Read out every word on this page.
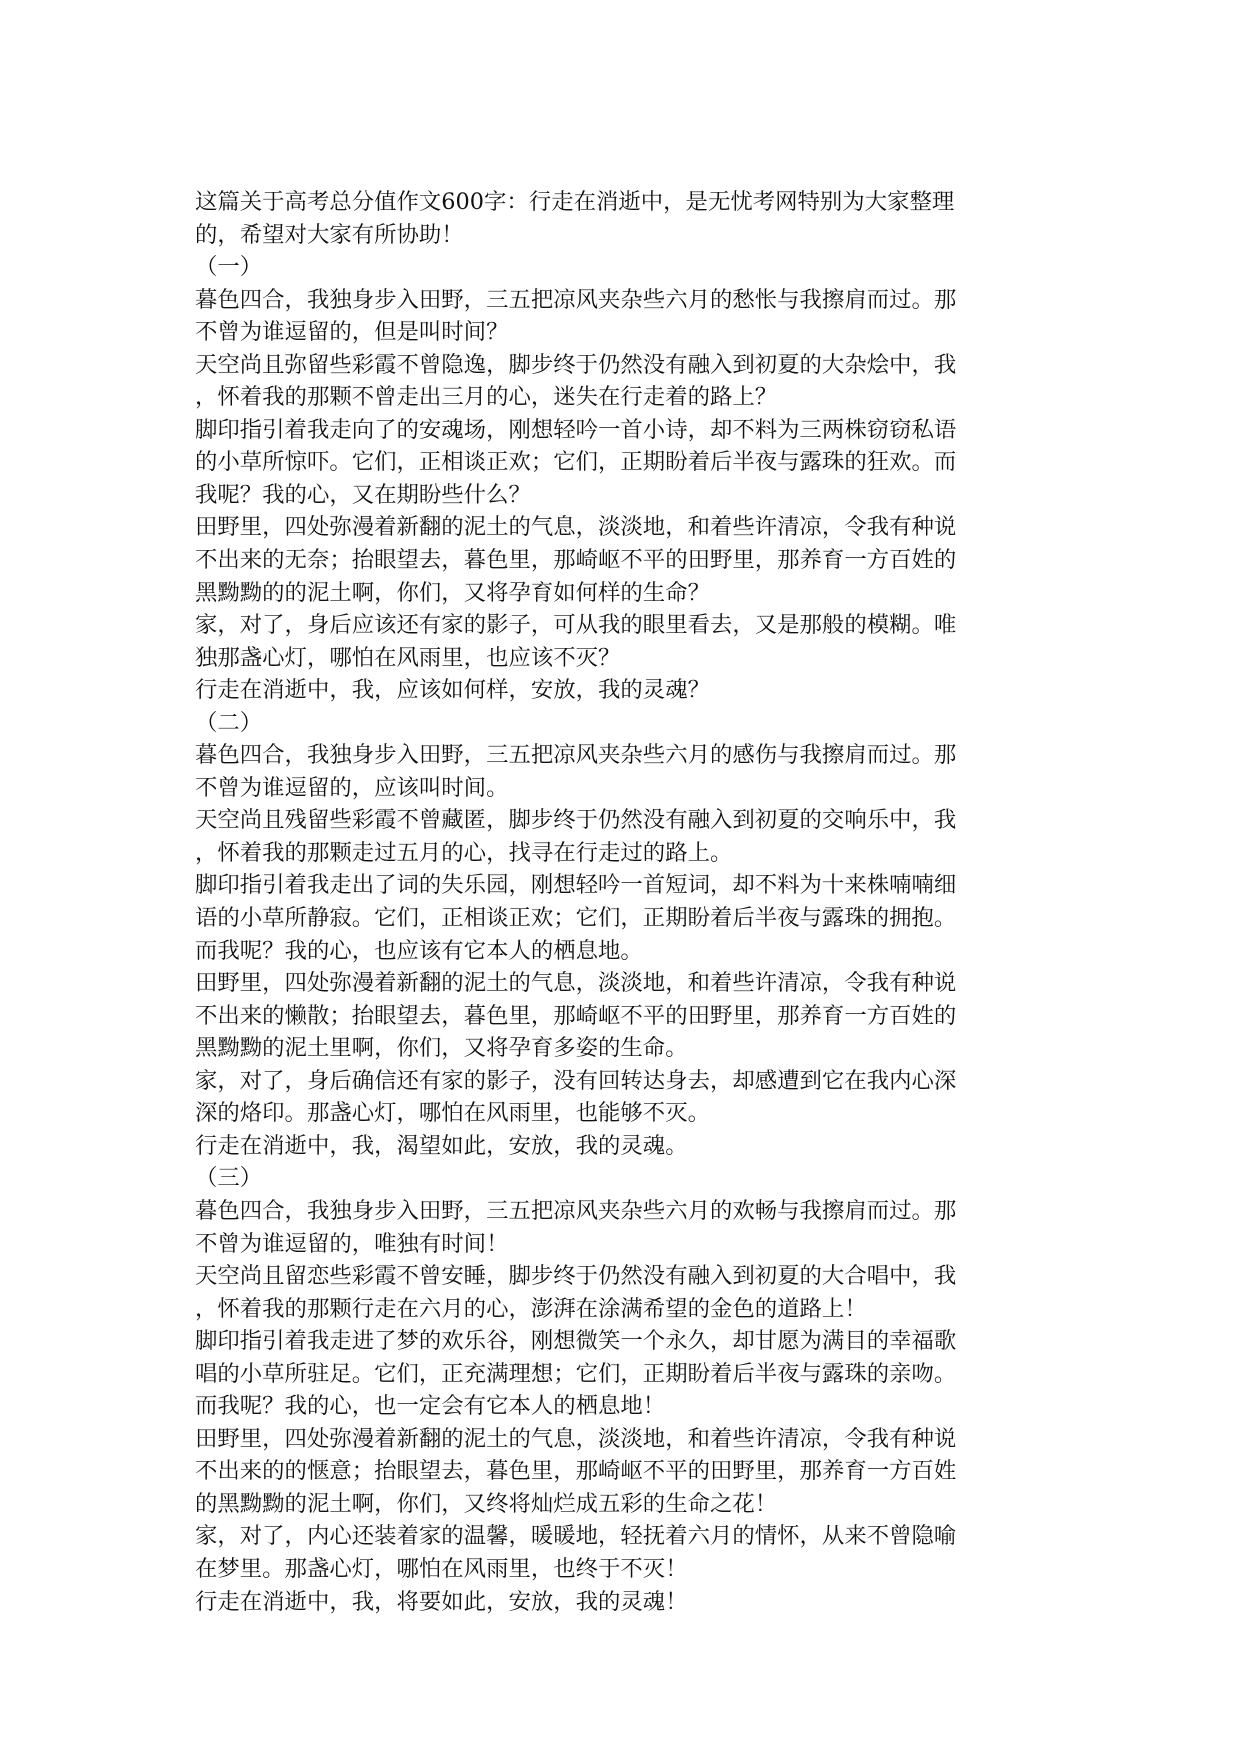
这篇关于高考总分值作文600字：行走在消逝中，是无忧考网特别为大家整理
的，希望对大家有所协助！
（一）
暮色四合，我独身步入田野，三五把凉风夹杂些六月的愁怅与我擦肩而过。那
不曾为谁逗留的，但是叫时间？
天空尚且弥留些彩霞不曾隐逸，脚步终于仍然没有融入到初夏的大杂烩中，我
，怀着我的那颗不曾走出三月的心，迷失在行走着的路上？
脚印指引着我走向了的安魂场，刚想轻吟一首小诗，却不料为三两株窃窃私语
的小草所惊吓。它们，正相谈正欢；它们，正期盼着后半夜与露珠的狂欢。而
我呢？我的心，又在期盼些什么？
田野里，四处弥漫着新翻的泥土的气息，淡淡地，和着些许清凉，令我有种说
不出来的无奈；抬眼望去，暮色里，那崎岖不平的田野里，那养育一方百姓的
黑黝黝的的泥土啊，你们，又将孕育如何样的生命？
家，对了，身后应该还有家的影子，可从我的眼里看去，又是那般的模糊。唯
独那盏心灯，哪怕在风雨里，也应该不灭？
行走在消逝中，我，应该如何样，安放，我的灵魂？
（二）
暮色四合，我独身步入田野，三五把凉风夹杂些六月的感伤与我擦肩而过。那
不曾为谁逗留的，应该叫时间。
天空尚且残留些彩霞不曾藏匿，脚步终于仍然没有融入到初夏的交响乐中，我
，怀着我的那颗走过五月的心，找寻在行走过的路上。
脚印指引着我走出了词的失乐园，刚想轻吟一首短词，却不料为十来株喃喃细
语的小草所静寂。它们，正相谈正欢；它们，正期盼着后半夜与露珠的拥抱。
而我呢？我的心，也应该有它本人的栖息地。
田野里，四处弥漫着新翻的泥土的气息，淡淡地，和着些许清凉，令我有种说
不出来的懒散；抬眼望去，暮色里，那崎岖不平的田野里，那养育一方百姓的
黑黝黝的泥土里啊，你们，又将孕育多姿的生命。
家，对了，身后确信还有家的影子，没有回转达身去，却感遭到它在我内心深
深的烙印。那盏心灯，哪怕在风雨里，也能够不灭。
行走在消逝中，我，渴望如此，安放，我的灵魂。
（三）
暮色四合，我独身步入田野，三五把凉风夹杂些六月的欢畅与我擦肩而过。那
不曾为谁逗留的，唯独有时间！
天空尚且留恋些彩霞不曾安睡，脚步终于仍然没有融入到初夏的大合唱中，我
，怀着我的那颗行走在六月的心，澎湃在涂满希望的金色的道路上！
脚印指引着我走进了梦的欢乐谷，刚想微笑一个永久，却甘愿为满目的幸福歌
唱的小草所驻足。它们，正充满理想；它们，正期盼着后半夜与露珠的亲吻。
而我呢？我的心，也一定会有它本人的栖息地！
田野里，四处弥漫着新翻的泥土的气息，淡淡地，和着些许清凉，令我有种说
不出来的的惬意；抬眼望去，暮色里，那崎岖不平的田野里，那养育一方百姓
的黑黝黝的泥土啊，你们，又终将灿烂成五彩的生命之花！
家，对了，内心还装着家的温馨，暖暖地，轻抚着六月的情怀，从来不曾隐喻
在梦里。那盏心灯，哪怕在风雨里，也终于不灭！
行走在消逝中，我，将要如此，安放，我的灵魂！
